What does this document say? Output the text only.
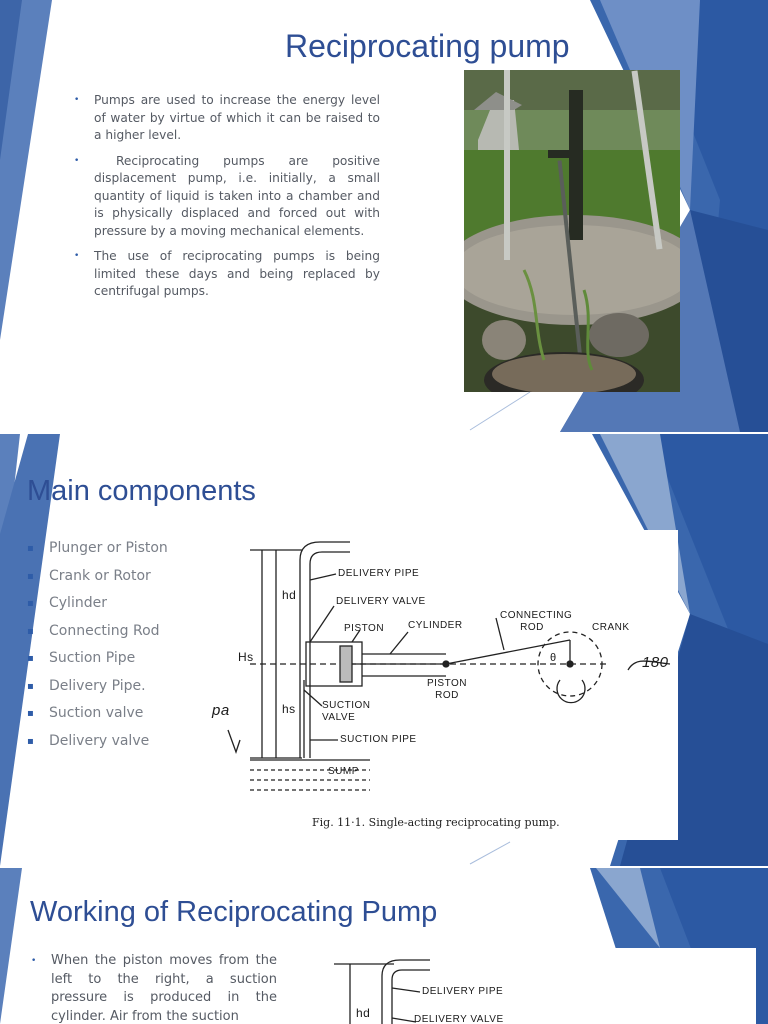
Reciprocating pump
• Pumps are used to increase the energy level of water by virtue of which it can be raised to a higher level.
•	Reciprocating pumps are positive displacement pump, i.e. initially, a small quantity of liquid is taken into a chamber and is physically displaced and forced out with pressure by a moving mechanical elements.
• The use of reciprocating pumps is being limited these days and being replaced by centrifugal pumps.
Main components
▪ Plunger or Piston
▪ Crank or Rotor
▪ Cylinder
▪ Connecting Rod
▪ Suction Pipe
▪ Delivery Pipe.
▪ Suction valve
▪ Delivery valve
DELIVERY PIPE
DELIVERY VALVE
PISTON CYLINDER
CONNECTING ROD	CRANK
PISTON ROD
SUCTION VALVE
SUCTION PIPE
SUMP
Hs
hd
hs
θ	180
pa
Fig. 11·1. Single-acting reciprocating pump.
Working of Reciprocating Pump
• When the piston moves from the left to the right, a suction pressure is produced in the cylinder. Air from the suction
DELIVERY PIPE
DELIVERY VALVE
hd
